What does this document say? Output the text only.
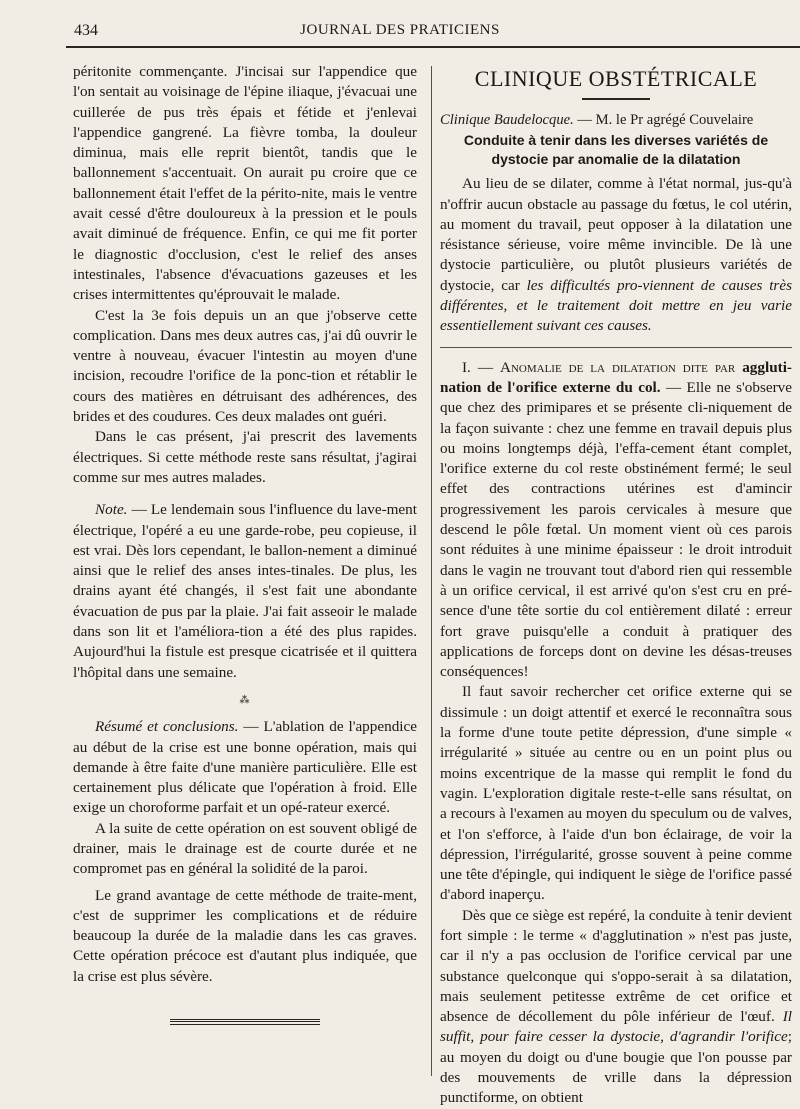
434	JOURNAL DES PRATICIENS

péritonite commençante. J'incisai sur l'appendice que l'on sentait au voisinage de l'épine iliaque, j'évacuai une cuillerée de pus très épais et fétide et j'enlevai l'appendice gangrené. La fièvre tomba, la douleur diminua, mais elle reprit bientôt, tandis que le ballonnement s'accentuait. On aurait pu croire que ce ballonnement était l'effet de la périto-nite, mais le ventre avait cessé d'être douloureux à la pression et le pouls avait diminué de fréquence. Enfin, ce qui me fit porter le diagnostic d'occlusion, c'est le relief des anses intestinales, l'absence d'évacuations gazeuses et les crises intermittentes qu'éprouvait le malade.

C'est la 3e fois depuis un an que j'observe cette complication. Dans mes deux autres cas, j'ai dû ouvrir le ventre à nouveau, évacuer l'intestin au moyen d'une incision, recoudre l'orifice de la ponc-tion et rétablir le cours des matières en détruisant des adhérences, des brides et des coudures. Ces deux malades ont guéri.

Dans le cas présent, j'ai prescrit des lavements électriques. Si cette méthode reste sans résultat, j'agirai comme sur mes autres malades.

Note. — Le lendemain sous l'influence du lave-ment électrique, l'opéré a eu une garde-robe, peu copieuse, il est vrai. Dès lors cependant, le ballon-nement a diminué ainsi que le relief des anses intes-tinales. De plus, les drains ayant été changés, il s'est fait une abondante évacuation de pus par la plaie. J'ai fait asseoir le malade dans son lit et l'améliora-tion a été des plus rapides. Aujourd'hui la fistule est presque cicatrisée et il quittera l'hôpital dans une semaine.

⁂

Résumé et conclusions. — L'ablation de l'appendice au début de la crise est une bonne opération, mais qui demande à être faite d'une manière particulière. Elle est certainement plus délicate que l'opération à froid. Elle exige un choroforme parfait et un opé-rateur exercé.

A la suite de cette opération on est souvent obligé de drainer, mais le drainage est de courte durée et ne compromet pas en général la solidité de la paroi.

Le grand avantage de cette méthode de traite-ment, c'est de supprimer les complications et de réduire beaucoup la durée de la maladie dans les cas graves. Cette opération précoce est d'autant plus indiquée, que la crise est plus sévère.

CLINIQUE OBSTÉTRICALE

Clinique Baudelocque. — M. le Pr agrégé Couvelaire

Conduite à tenir dans les diverses variétés de dystocie par anomalie de la dilatation

Au lieu de se dilater, comme à l'état normal, jus-qu'à n'offrir aucun obstacle au passage du fœtus, le col utérin, au moment du travail, peut opposer à la dilatation une résistance sérieuse, voire même invincible. De là une dystocie particulière, ou plutôt plusieurs variétés de dystocie, car les difficultés pro-viennent de causes très différentes, et le traitement doit mettre en jeu varie essentiellement suivant ces causes.

I. — Anomalie de la dilatation dite par aggluti-nation de l'orifice externe du col. — Elle ne s'observe que chez des primipares et se présente cli-niquement de la façon suivante : chez une femme en travail depuis plus ou moins longtemps déjà, l'effa-cement étant complet, l'orifice externe du col reste obstinément fermé; le seul effet des contractions utérines est d'amincir progressivement les parois cervicales à mesure que descend le pôle fœtal. Un moment vient où ces parois sont réduites à une minime épaisseur : le droit introduit dans le vagin ne trouvant tout d'abord rien qui ressemble à un orifice cervical, il est arrivé qu'on s'est cru en pré-sence d'une tête sortie du col entièrement dilaté : erreur fort grave puisqu'elle a conduit à pratiquer des applications de forceps dont on devine les désas-treuses conséquences!

Il faut savoir rechercher cet orifice externe qui se dissimule : un doigt attentif et exercé le reconnaîtra sous la forme d'une toute petite dépression, d'une simple « irrégularité » située au centre ou en un point plus ou moins excentrique de la masse qui remplit le fond du vagin. L'exploration digitale reste-t-elle sans résultat, on a recours à l'examen au moyen du speculum ou de valves, et l'on s'efforce, à l'aide d'un bon éclairage, de voir la dépression, l'irrégularité, grosse souvent à peine comme une tête d'épingle, qui indiquent le siège de l'orifice passé d'abord inaperçu.

Dès que ce siège est repéré, la conduite à tenir devient fort simple : le terme « d'agglutination » n'est pas juste, car il n'y a pas occlusion de l'orifice cervical par une substance quelconque qui s'oppo-serait à sa dilatation, mais seulement petitesse extrême de cet orifice et absence de décollement du pôle inférieur de l'œuf. Il suffit, pour faire cesser la dystocie, d'agrandir l'orifice; au moyen du doigt ou d'une bougie que l'on pousse par des mouvements de vrille dans la dépression punctiforme, on obtient
